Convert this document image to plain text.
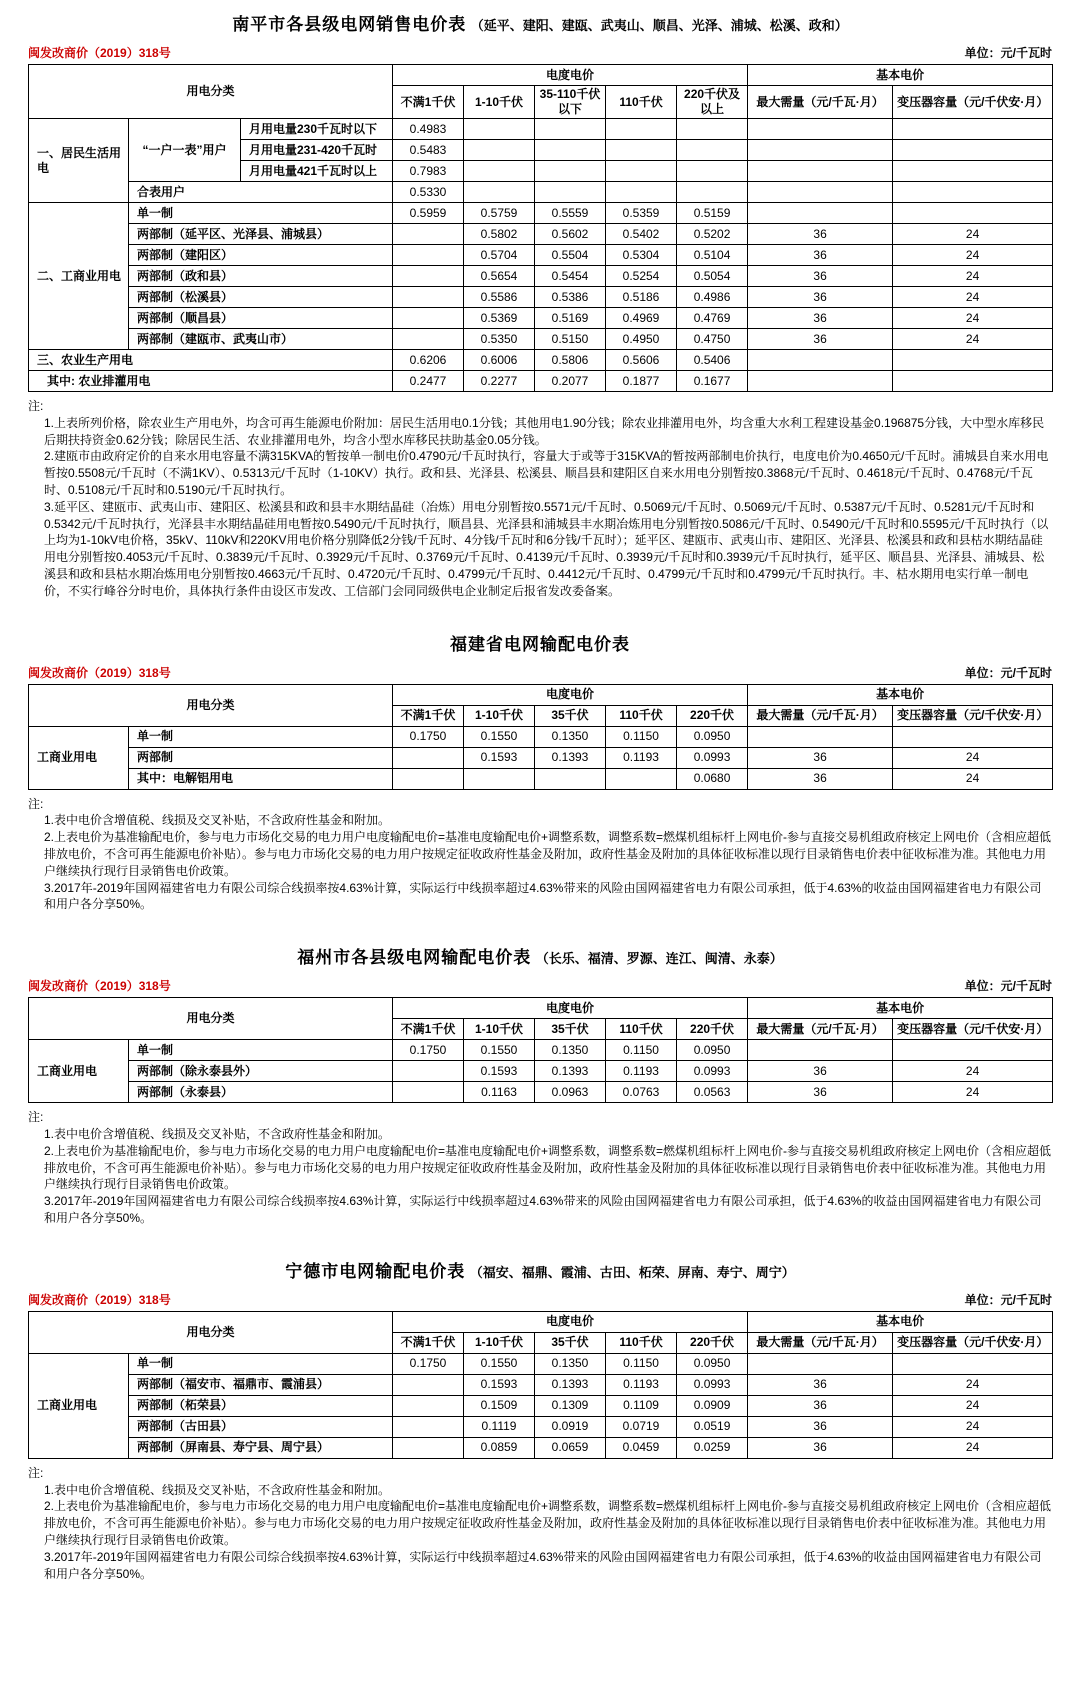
南平市各县级电网销售电价表 （延平、建阳、建瓯、武夷山、顺昌、光泽、浦城、松溪、政和）
闽发改商价（2019）318号	单位：元/千瓦时
用电分类			电度电价					基本电价	
			不满1千伏	1-10千伏	35-110千伏以下	110千伏	220千伏及以上	最大需量（元/千瓦·月）	变压器容量（元/千伏安·月）
一、居民生活用电	“一户一表”用户	月用电量230千瓦时以下	0.4983						
		月用电量231-420千瓦时	0.5483						
		月用电量421千瓦时以上	0.7983						
	合表用户		0.5330						
二、工商业用电	单一制		0.5959	0.5759	0.5559	0.5359	0.5159		
	两部制（延平区、光泽县、浦城县）			0.5802	0.5602	0.5402	0.5202	36	24
	两部制（建阳区）			0.5704	0.5504	0.5304	0.5104	36	24
	两部制（政和县）			0.5654	0.5454	0.5254	0.5054	36	24
	两部制（松溪县）			0.5586	0.5386	0.5186	0.4986	36	24
	两部制（顺昌县）			0.5369	0.5169	0.4969	0.4769	36	24
	两部制（建瓯市、武夷山市）			0.5350	0.5150	0.4950	0.4750	36	24
三、农业生产用电			0.6206	0.6006	0.5806	0.5606	0.5406		
其中: 农业排灌用电			0.2477	0.2277	0.2077	0.1877	0.1677		
注:
1.上表所列价格，除农业生产用电外，均含可再生能源电价附加：居民生活用电0.1分钱；其他用电1.90分钱；除农业排灌用电外，均含重大水利工程建设基金0.196875分钱，大中型水库移民后期扶持资金0.62分钱；除居民生活、农业排灌用电外，均含小型水库移民扶助基金0.05分钱。
2.建瓯市由政府定价的自来水用电容量不满315KVA的暂按单一制电价0.4790元/千瓦时执行，容量大于或等于315KVA的暂按两部制电价执行，电度电价为0.4650元/千瓦时。浦城县自来水用电暂按0.5508元/千瓦时（不满1KV）、0.5313元/千瓦时（1-10KV）执行。政和县、光泽县、松溪县、顺昌县和建阳区自来水用电分别暂按0.3868元/千瓦时、0.4618元/千瓦时、0.4768元/千瓦时、0.5108元/千瓦时和0.5190元/千瓦时执行。
3.延平区、建瓯市、武夷山市、建阳区、松溪县和政和县丰水期结晶硅（冶炼）用电分别暂按0.5571元/千瓦时、0.5069元/千瓦时、0.5069元/千瓦时、0.5387元/千瓦时、0.5281元/千瓦时和0.5342元/千瓦时执行，光泽县丰水期结晶硅用电暂按0.5490元/千瓦时执行，顺昌县、光泽县和浦城县丰水期冶炼用电分别暂按0.5086元/千瓦时、0.5490元/千瓦时和0.5595元/千瓦时执行（以上均为1-10kV电价格，35kV、110kV和220KV用电价格分别降低2分钱/千瓦时、4分钱/千瓦时和6分钱/千瓦时）；延平区、建瓯市、武夷山市、建阳区、光泽县、松溪县和政和县枯水期结晶硅用电分别暂按0.4053元/千瓦时、0.3839元/千瓦时、0.3929元/千瓦时、0.3769元/千瓦时、0.4139元/千瓦时、0.3939元/千瓦时和0.3939元/千瓦时执行，延平区、顺昌县、光泽县、浦城县、松溪县和政和县枯水期冶炼用电分别暂按0.4663元/千瓦时、0.4720元/千瓦时、0.4799元/千瓦时、0.4412元/千瓦时、0.4799元/千瓦时和0.4799元/千瓦时执行。丰、枯水期用电实行单一制电价，不实行峰谷分时电价，具体执行条件由设区市发改、工信部门会同同级供电企业制定后报省发改委备案。
福建省电网输配电价表
闽发改商价（2019）318号	单位：元/千瓦时
用电分类		电度电价					基本电价	
		不满1千伏	1-10千伏	35千伏	110千伏	220千伏	最大需量（元/千瓦·月）	变压器容量（元/千伏安·月）
工商业用电	单一制	0.1750	0.1550	0.1350	0.1150	0.0950		
	两部制		0.1593	0.1393	0.1193	0.0993	36	24
	其中：电解铝用电					0.0680	36	24
注:
1.表中电价含增值税、线损及交叉补贴，不含政府性基金和附加。
2.上表电价为基准输配电价，参与电力市场化交易的电力用户电度输配电价=基准电度输配电价+调整系数，调整系数=燃煤机组标杆上网电价-参与直接交易机组政府核定上网电价（含相应超低排放电价，不含可再生能源电价补贴）。参与电力市场化交易的电力用户按规定征收政府性基金及附加，政府性基金及附加的具体征收标准以现行目录销售电价表中征收标准为准。其他电力用户继续执行现行目录销售电价政策。
3.2017年-2019年国网福建省电力有限公司综合线损率按4.63%计算，实际运行中线损率超过4.63%带来的风险由国网福建省电力有限公司承担，低于4.63%的收益由国网福建省电力有限公司和用户各分享50%。
福州市各县级电网输配电价表 （长乐、福清、罗源、连江、闽清、永泰）
闽发改商价（2019）318号	单位：元/千瓦时
用电分类		电度电价					基本电价	
		不满1千伏	1-10千伏	35千伏	110千伏	220千伏	最大需量（元/千瓦·月）	变压器容量（元/千伏安·月）
工商业用电	单一制	0.1750	0.1550	0.1350	0.1150	0.0950		
	两部制（除永泰县外）		0.1593	0.1393	0.1193	0.0993	36	24
	两部制（永泰县）		0.1163	0.0963	0.0763	0.0563	36	24
注:
1.表中电价含增值税、线损及交叉补贴，不含政府性基金和附加。
2.上表电价为基准输配电价，参与电力市场化交易的电力用户电度输配电价=基准电度输配电价+调整系数，调整系数=燃煤机组标杆上网电价-参与直接交易机组政府核定上网电价（含相应超低排放电价，不含可再生能源电价补贴）。参与电力市场化交易的电力用户按规定征收政府性基金及附加，政府性基金及附加的具体征收标准以现行目录销售电价表中征收标准为准。其他电力用户继续执行现行目录销售电价政策。
3.2017年-2019年国网福建省电力有限公司综合线损率按4.63%计算，实际运行中线损率超过4.63%带来的风险由国网福建省电力有限公司承担，低于4.63%的收益由国网福建省电力有限公司和用户各分享50%。
宁德市电网输配电价表 （福安、福鼎、霞浦、古田、柘荣、屏南、寿宁、周宁）
闽发改商价（2019）318号	单位：元/千瓦时
用电分类		电度电价					基本电价	
		不满1千伏	1-10千伏	35千伏	110千伏	220千伏	最大需量（元/千瓦·月）	变压器容量（元/千伏安·月）
工商业用电	单一制	0.1750	0.1550	0.1350	0.1150	0.0950		
	两部制（福安市、福鼎市、霞浦县）		0.1593	0.1393	0.1193	0.0993	36	24
	两部制（柘荣县）		0.1509	0.1309	0.1109	0.0909	36	24
	两部制（古田县）		0.1119	0.0919	0.0719	0.0519	36	24
	两部制（屏南县、寿宁县、周宁县）		0.0859	0.0659	0.0459	0.0259	36	24
注:
1.表中电价含增值税、线损及交叉补贴，不含政府性基金和附加。
2.上表电价为基准输配电价，参与电力市场化交易的电力用户电度输配电价=基准电度输配电价+调整系数，调整系数=燃煤机组标杆上网电价-参与直接交易机组政府核定上网电价（含相应超低排放电价，不含可再生能源电价补贴）。参与电力市场化交易的电力用户按规定征收政府性基金及附加，政府性基金及附加的具体征收标准以现行目录销售电价表中征收标准为准。其他电力用户继续执行现行目录销售电价政策。
3.2017年-2019年国网福建省电力有限公司综合线损率按4.63%计算，实际运行中线损率超过4.63%带来的风险由国网福建省电力有限公司承担，低于4.63%的收益由国网福建省电力有限公司和用户各分享50%。
